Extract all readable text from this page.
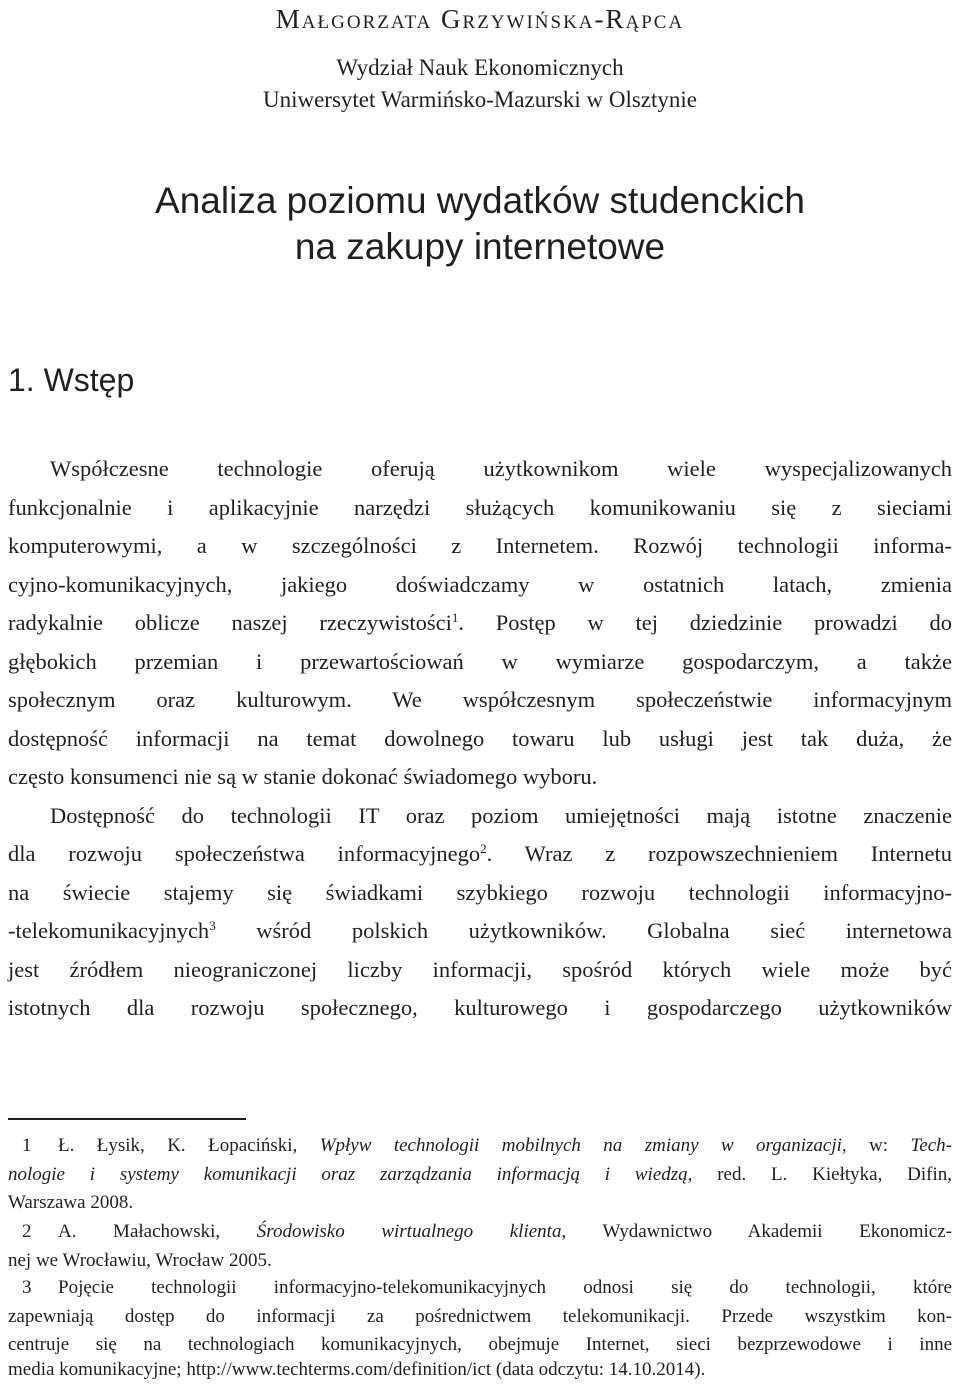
Małgorzata Grzywińska-Rąpca
Wydział Nauk Ekonomicznych
Uniwersytet Warmińsko-Mazurski w Olsztynie
Analiza poziomu wydatków studenckich
na zakupy internetowe
1. Wstęp
Współczesne technologie oferują użytkownikom wiele wyspecjalizowanych
funkcjonalnie i aplikacyjnie narzędzi służących komunikowaniu się z sieciami
komputerowymi, a w szczególności z Internetem. Rozwój technologii informa-
cyjno-komunikacyjnych, jakiego doświadczamy w ostatnich latach, zmienia
radykalnie oblicze naszej rzeczywistości$^1$. Postęp w tej dziedzinie prowadzi do
głębokich przemian i przewartościowań w wymiarze gospodarczym, a także
społecznym oraz kulturowym. We współczesnym społeczeństwie informacyjnym
dostępność informacji na temat dowolnego towaru lub usługi jest tak duża, że
często konsumenci nie są w stanie dokonać świadomego wyboru.
Dostępność do technologii IT oraz poziom umiejętności mają istotne znaczenie
dla rozwoju społeczeństwa informacyjnego$^2$. Wraz z rozpowszechnieniem Internetu
na świecie stajemy się świadkami szybkiego rozwoju technologii informacyjno-
-telekomunikacyjnych$^3$ wśród polskich użytkowników. Globalna sieć internetowa
jest źródłem nieograniczonej liczby informacji, spośród których wiele może być
istotnych dla rozwoju społecznego, kulturowego i gospodarczego użytkowników
1 Ł. Łysik, K. Łopaciński, Wpływ technologii mobilnych na zmiany w organizacji, w: Tech-
nologie i systemy komunikacji oraz zarządzania informacją i wiedzą, red. L. Kiełtyka, Difin,
Warszawa 2008.
2 A. Małachowski, Środowisko wirtualnego klienta, Wydawnictwo Akademii Ekonomicz-
nej we Wrocławiu, Wrocław 2005.
3 Pojęcie technologii informacyjno-telekomunikacyjnych odnosi się do technologii, które
zapewniają dostęp do informacji za pośrednictwem telekomunikacji. Przede wszystkim kon-
centruje się na technologiach komunikacyjnych, obejmuje Internet, sieci bezprzewodowe i inne
media komunikacyjne; http://www.techterms.com/definition/ict (data odczytu: 14.10.2014).
